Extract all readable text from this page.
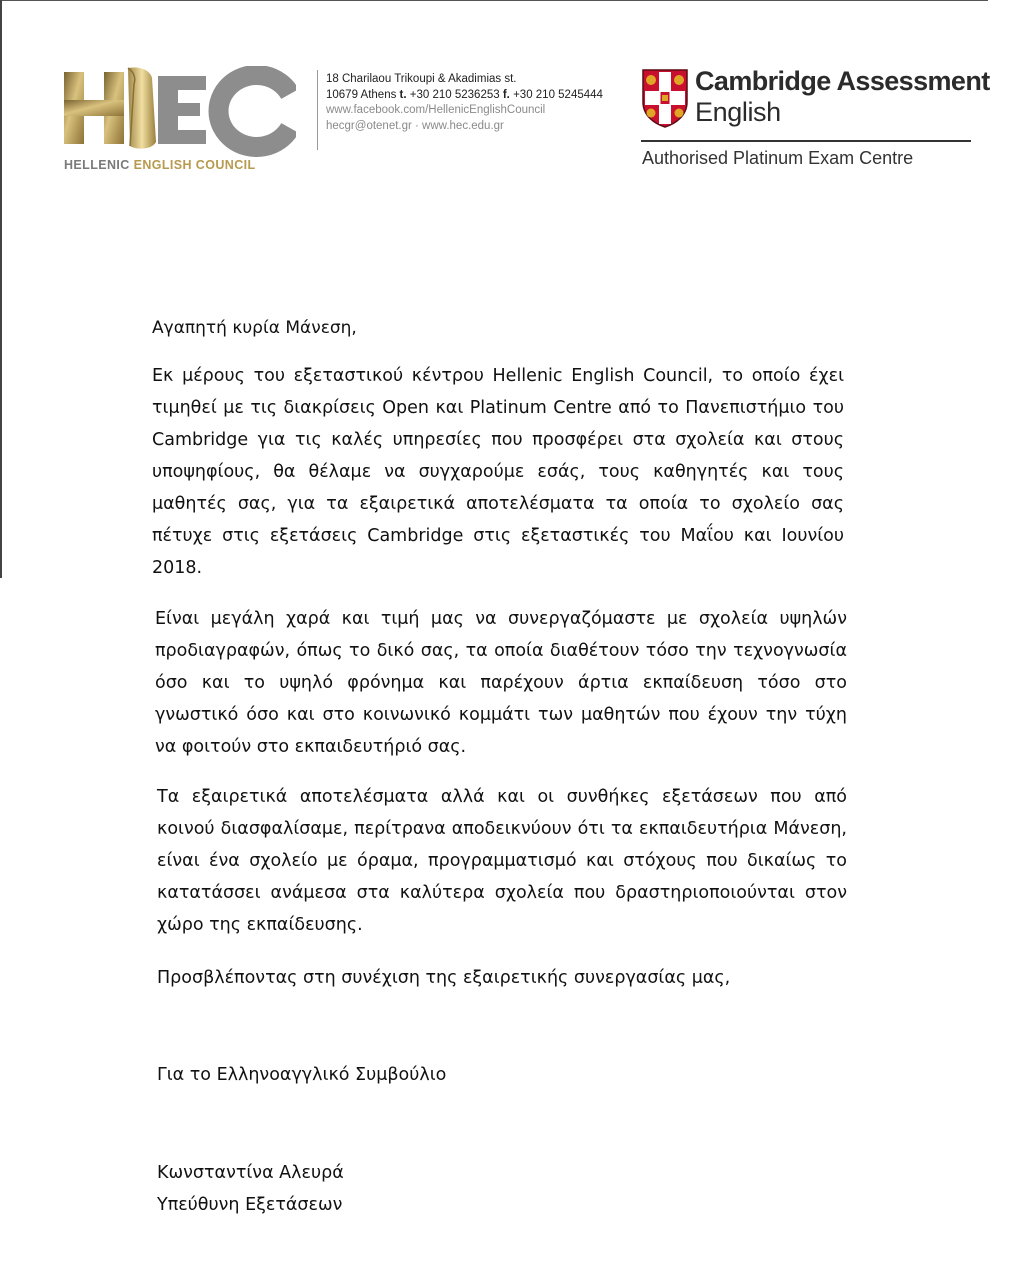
HELLENIC ENGLISH COUNCIL
18 Charilaou Trikoupi & Akadimias st.
10679 Athens t. +30 210 5236253 f. +30 210 5245444
www.facebook.com/HellenicEnglishCouncil
hecgr@otenet.gr · www.hec.edu.gr
Cambridge Assessment
English
Authorised Platinum Exam Centre

Αγαπητή κυρία Μάνεση,

Εκ μέρους του εξεταστικού κέντρου Hellenic English Council, το οποίο έχει τιμηθεί με τις διακρίσεις Open και Platinum Centre από το Πανεπιστήμιο του Cambridge για τις καλές υπηρεσίες που προσφέρει στα σχολεία και στους υποψηφίους, θα θέλαμε να συγχαρούμε εσάς, τους καθηγητές και τους μαθητές σας, για τα εξαιρετικά αποτελέσματα τα οποία το σχολείο σας πέτυχε στις εξετάσεις Cambridge στις εξεταστικές του Μαΐου και Ιουνίου 2018.

Είναι μεγάλη χαρά και τιμή μας να συνεργαζόμαστε με σχολεία υψηλών προδιαγραφών, όπως το δικό σας, τα οποία διαθέτουν τόσο την τεχνογνωσία όσο και το υψηλό φρόνημα και παρέχουν άρτια εκπαίδευση τόσο στο γνωστικό όσο και στο κοινωνικό κομμάτι των μαθητών που έχουν την τύχη να φοιτούν στο εκπαιδευτήριό σας.

Τα εξαιρετικά αποτελέσματα αλλά και οι συνθήκες εξετάσεων που από κοινού διασφαλίσαμε, περίτρανα αποδεικνύουν ότι τα εκπαιδευτήρια Μάνεση, είναι ένα σχολείο με όραμα, προγραμματισμό και στόχους που δικαίως το κατατάσσει ανάμεσα στα καλύτερα σχολεία που δραστηριοποιούνται στον χώρο της εκπαίδευσης.

Προσβλέποντας στη συνέχιση της εξαιρετικής συνεργασίας μας,

Για το Ελληνοαγγλικό Συμβούλιο

Κωνσταντίνα Αλευρά

Υπεύθυνη Εξετάσεων
